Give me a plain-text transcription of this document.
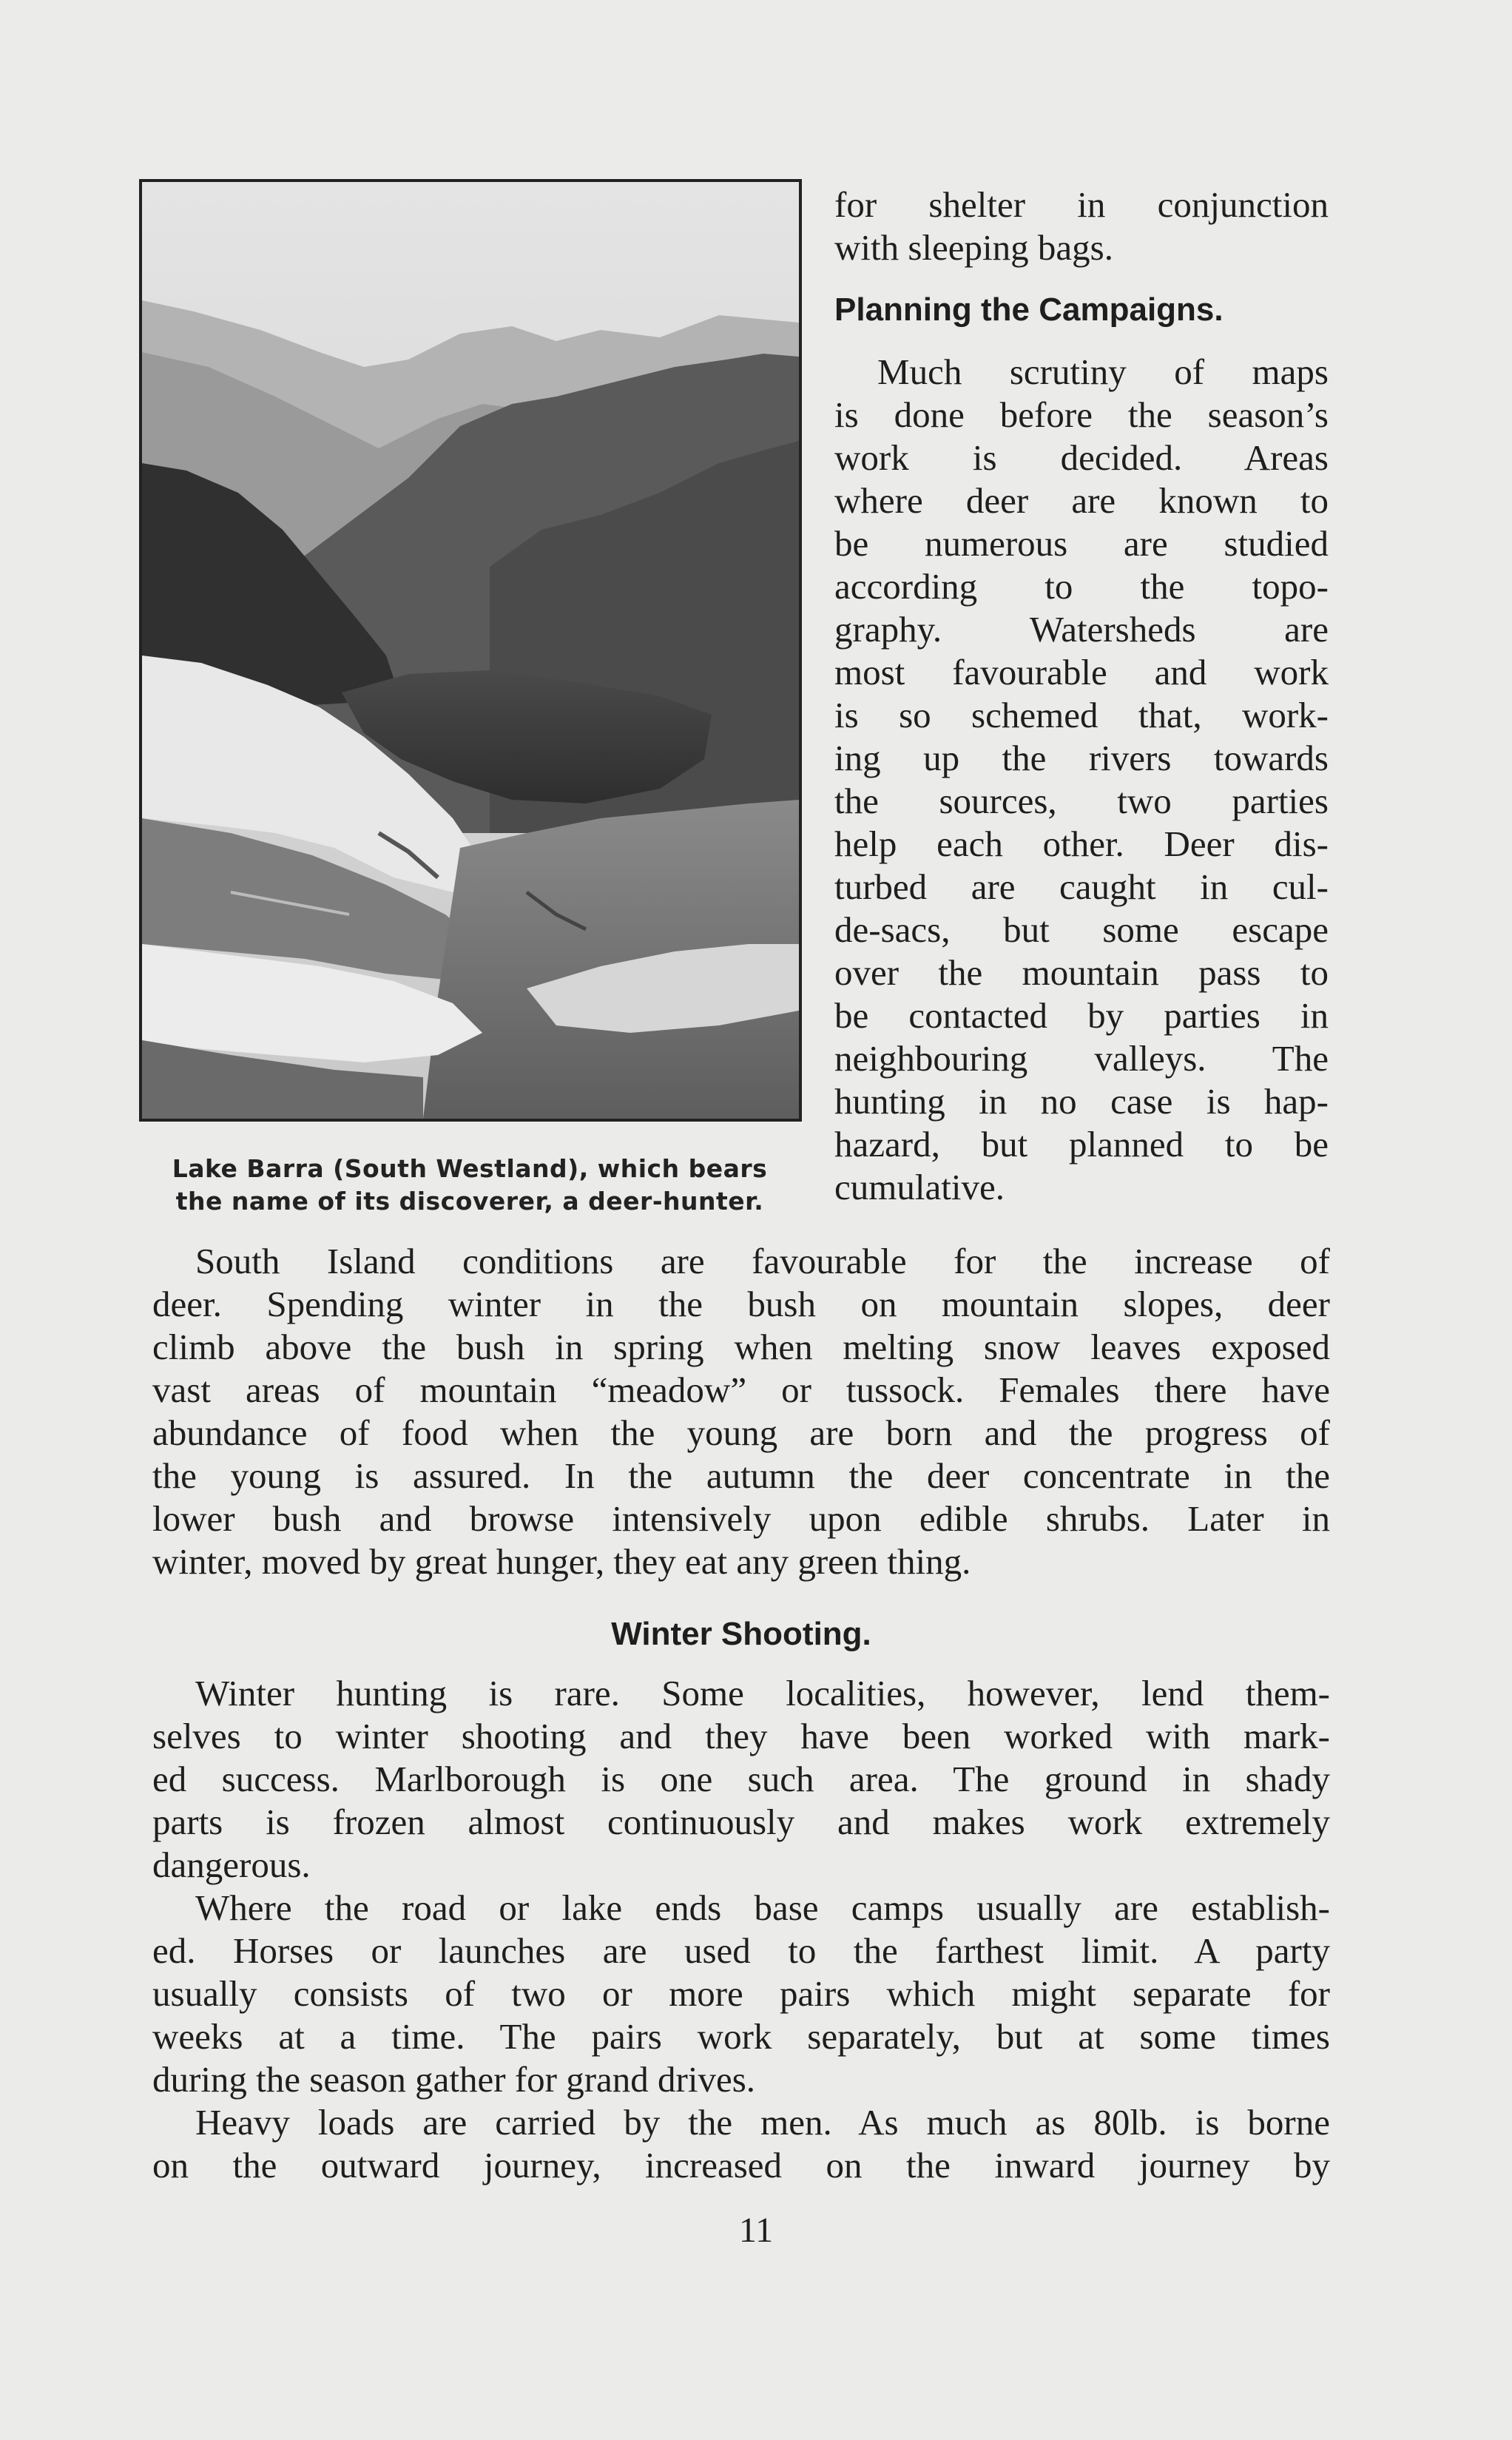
Lake Barra (South Westland), which bears
the name of its discoverer, a deer-hunter.
for shelter in conjunction
with sleeping bags.
Planning the Campaigns.
Much scrutiny of maps
is done before the season’s
work is decided. Areas
where deer are known to
be numerous are studied
according to the topo-
graphy. Watersheds are
most favourable and work
is so schemed that, work-
ing up the rivers towards
the sources, two parties
help each other. Deer dis-
turbed are caught in cul-
de-sacs, but some escape
over the mountain pass to
be contacted by parties in
neighbouring valleys. The
hunting in no case is hap-
hazard, but planned to be
cumulative.
South Island conditions are favourable for the increase of
deer. Spending winter in the bush on mountain slopes, deer
climb above the bush in spring when melting snow leaves exposed
vast areas of mountain “meadow” or tussock. Females there have
abundance of food when the young are born and the progress of
the young is assured. In the autumn the deer concentrate in the
lower bush and browse intensively upon edible shrubs. Later in
winter, moved by great hunger, they eat any green thing.
Winter Shooting.
Winter hunting is rare. Some localities, however, lend them-
selves to winter shooting and they have been worked with mark-
ed success. Marlborough is one such area. The ground in shady
parts is frozen almost continuously and makes work extremely
dangerous.
Where the road or lake ends base camps usually are establish-
ed. Horses or launches are used to the farthest limit. A party
usually consists of two or more pairs which might separate for
weeks at a time. The pairs work separately, but at some times
during the season gather for grand drives.
Heavy loads are carried by the men. As much as 80lb. is borne
on the outward journey, increased on the inward journey by
11
